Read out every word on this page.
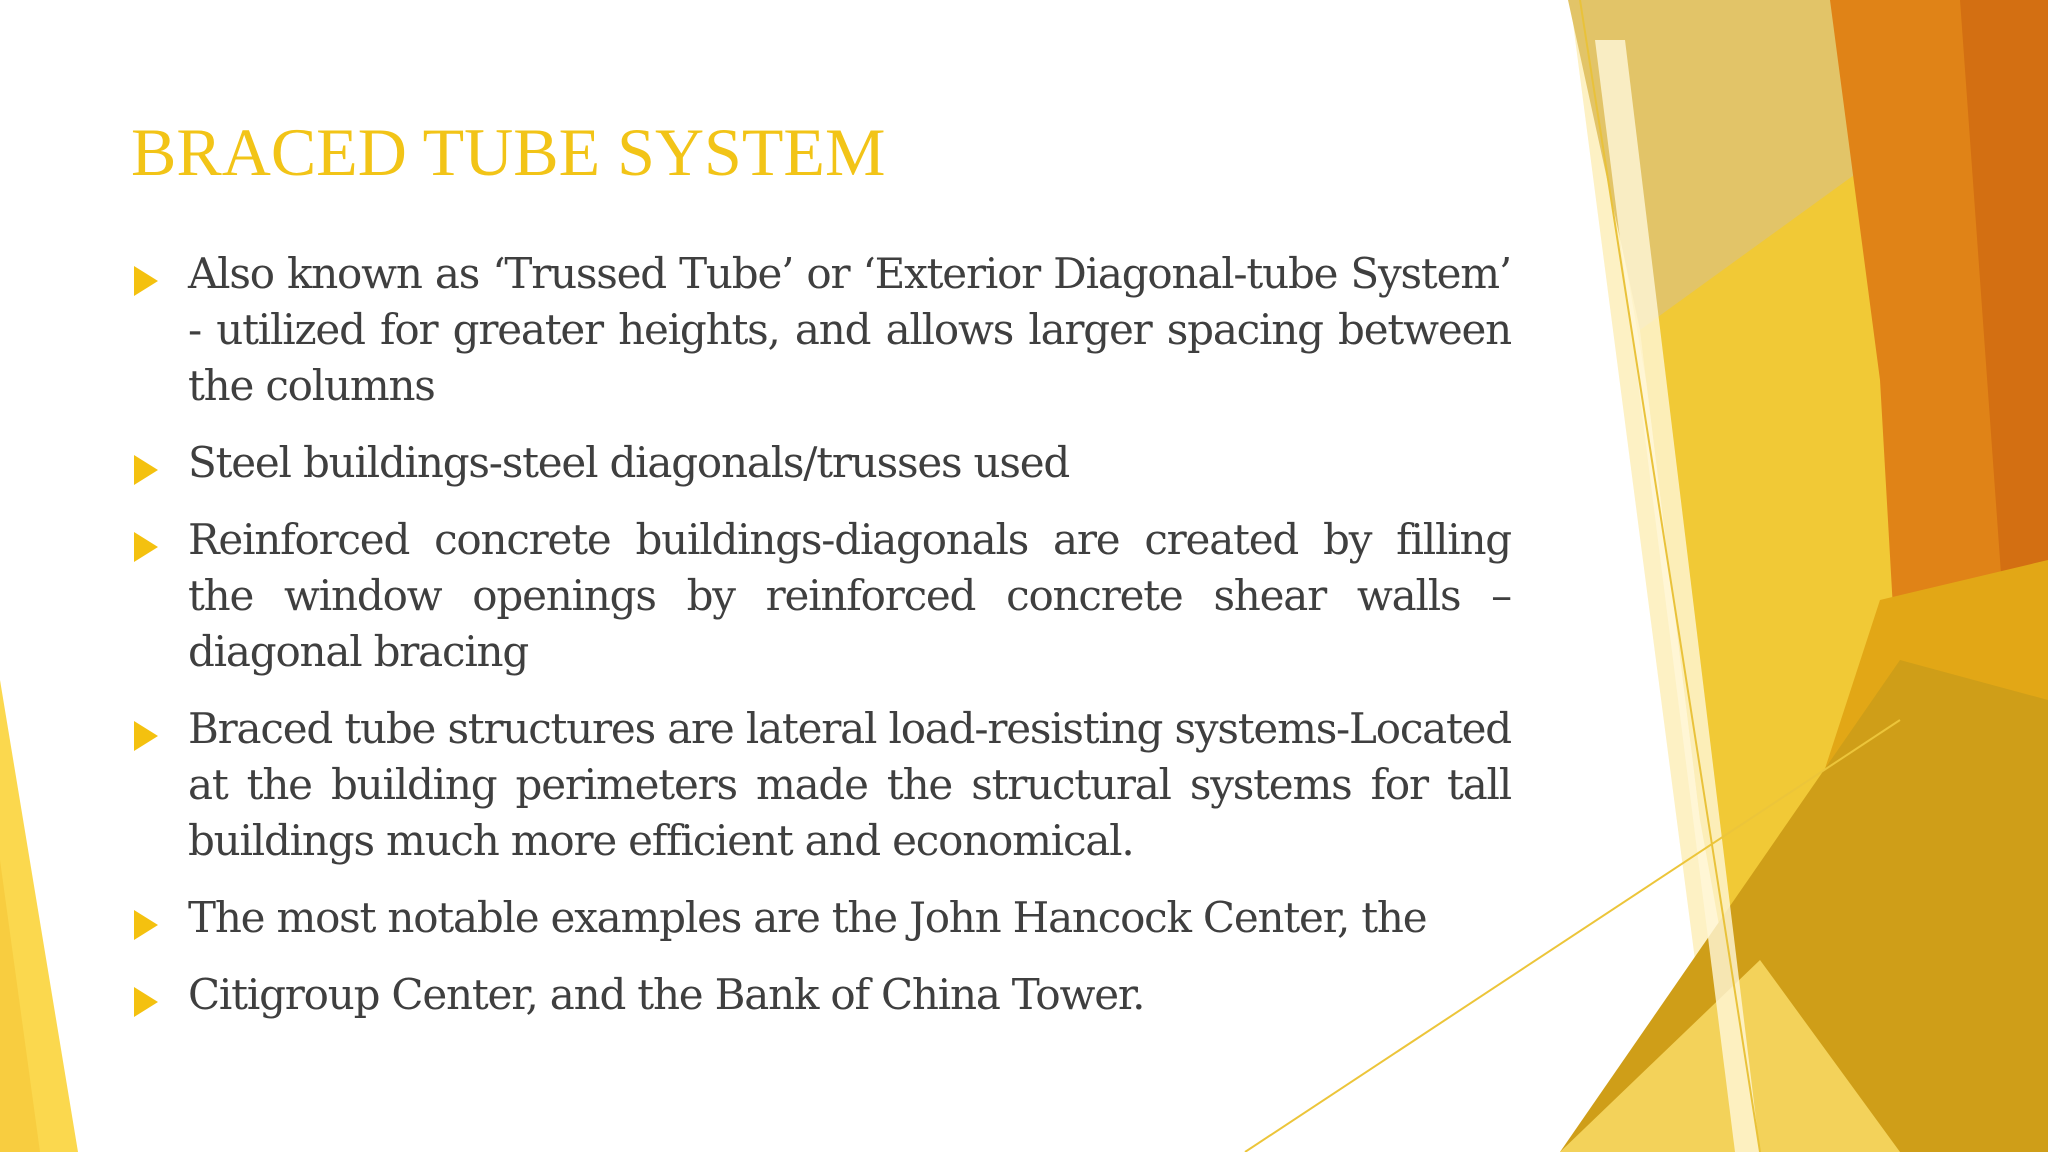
BRACED TUBE SYSTEM
Also known as ‘Trussed Tube’ or ‘Exterior Diagonal-tube System’ - utilized for greater heights, and allows larger spacing between the columns
Steel buildings-steel diagonals/trusses used
Reinforced concrete buildings-diagonals are created by filling the window openings by reinforced concrete shear walls – diagonal bracing
Braced tube structures are lateral load-resisting systems-Located at the building perimeters made the structural systems for tall buildings much more efficient and economical.
The most notable examples are the John Hancock Center, the
Citigroup Center, and the Bank of China Tower.
